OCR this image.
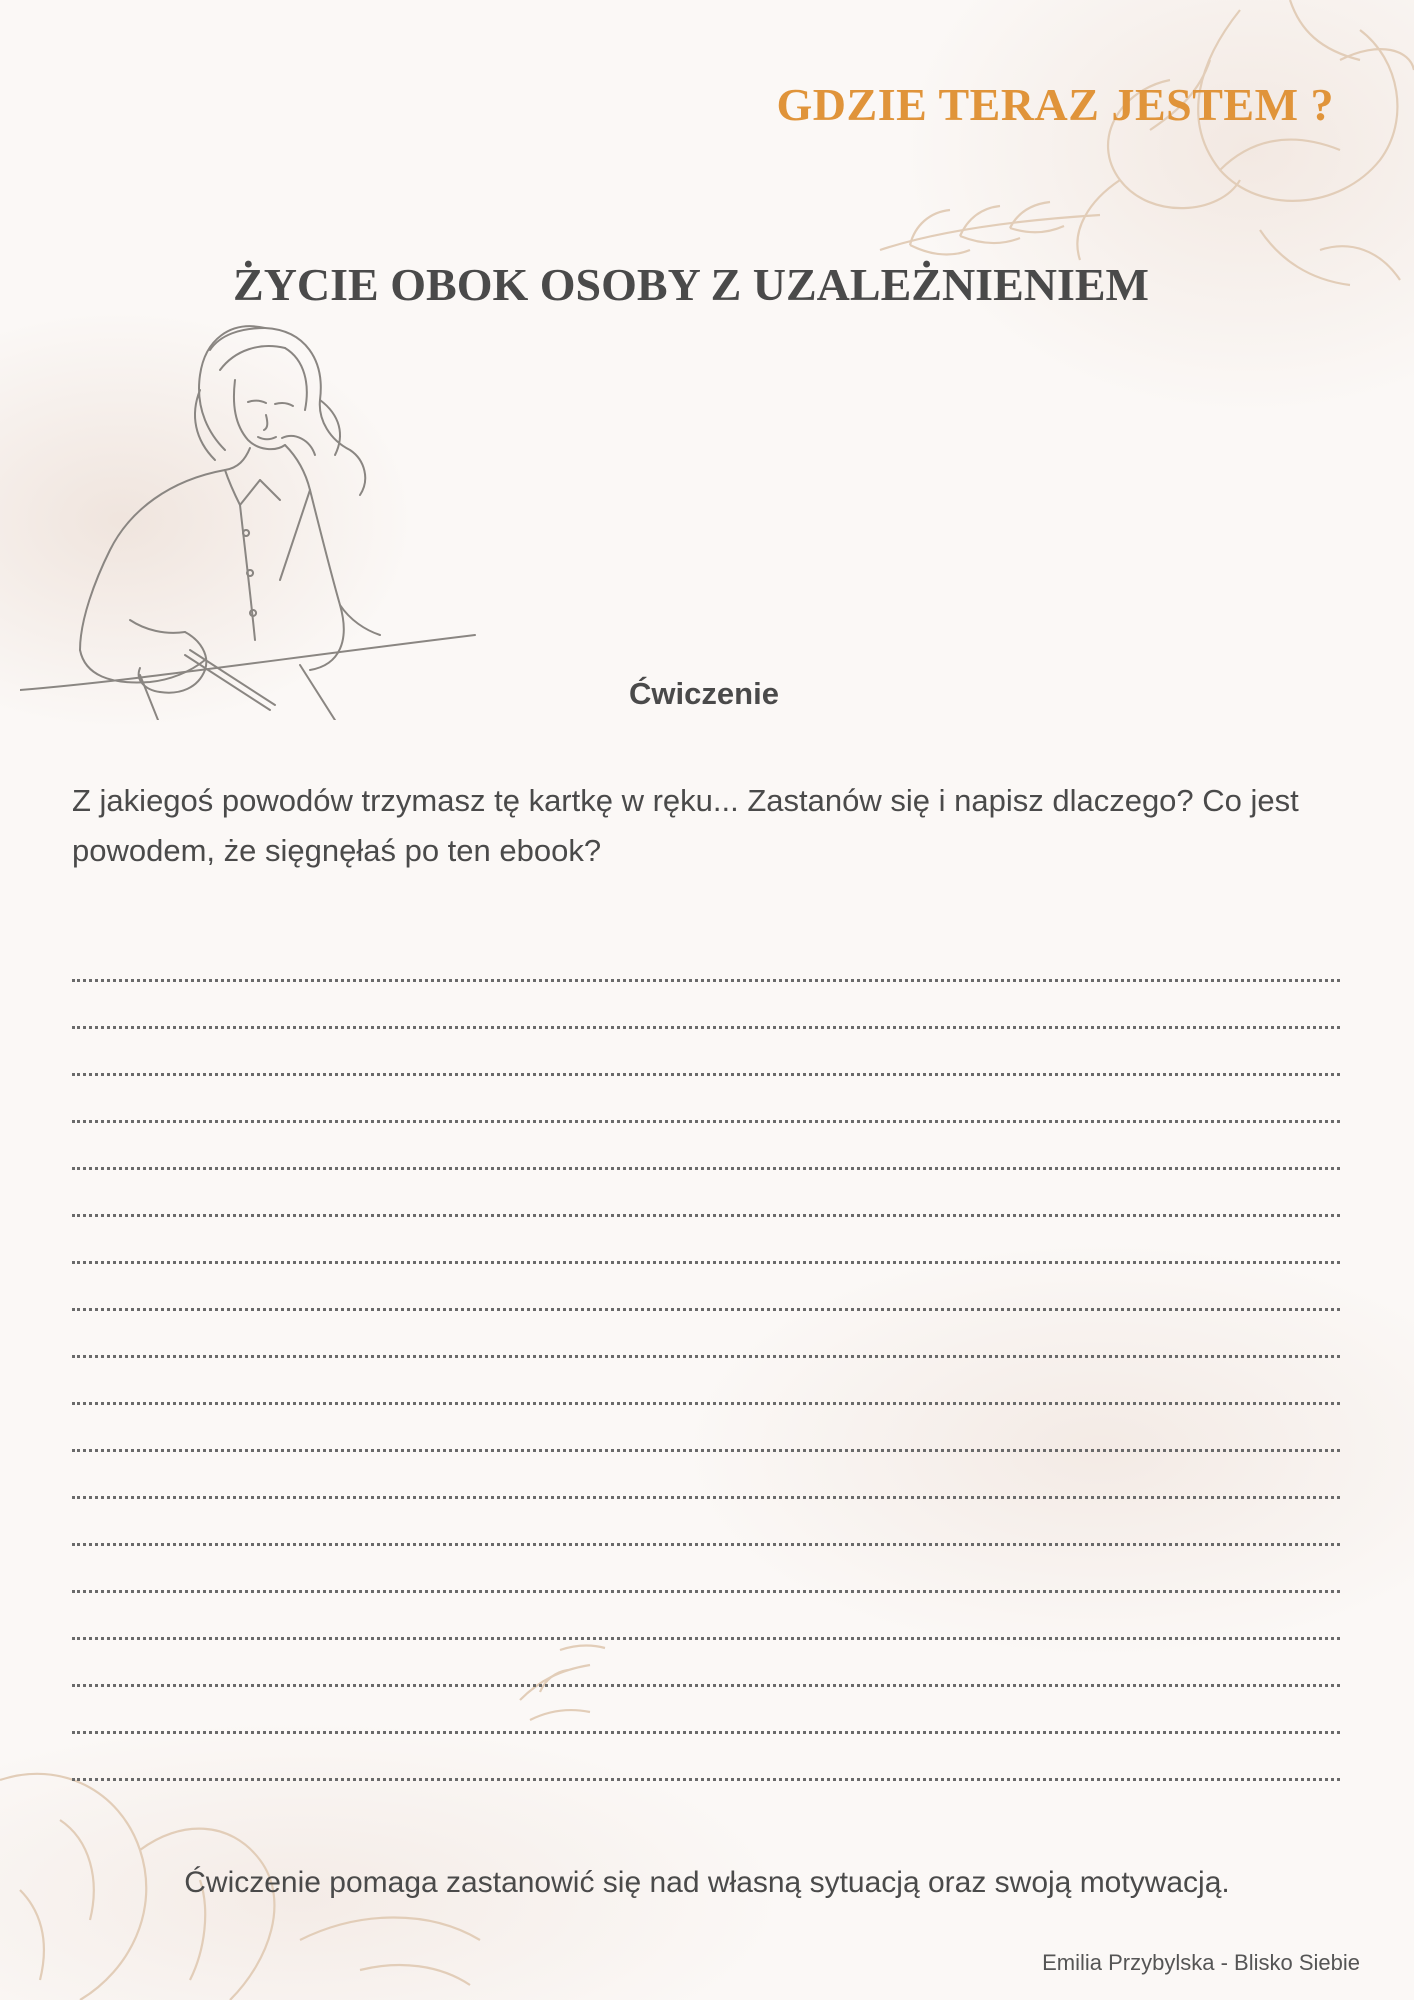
GDZIE TERAZ JESTEM ?
ŻYCIE OBOK OSOBY Z UZALEŻNIENIEM
Ćwiczenie

Z jakiegoś powodów trzymasz tę kartkę w ręku... Zastanów się i napisz dlaczego? Co jest powodem, że sięgnęłaś po ten ebook?

Ćwiczenie pomaga zastanowić się nad własną sytuacją oraz swoją motywacją.

Emilia Przybylska - Blisko Siebie
